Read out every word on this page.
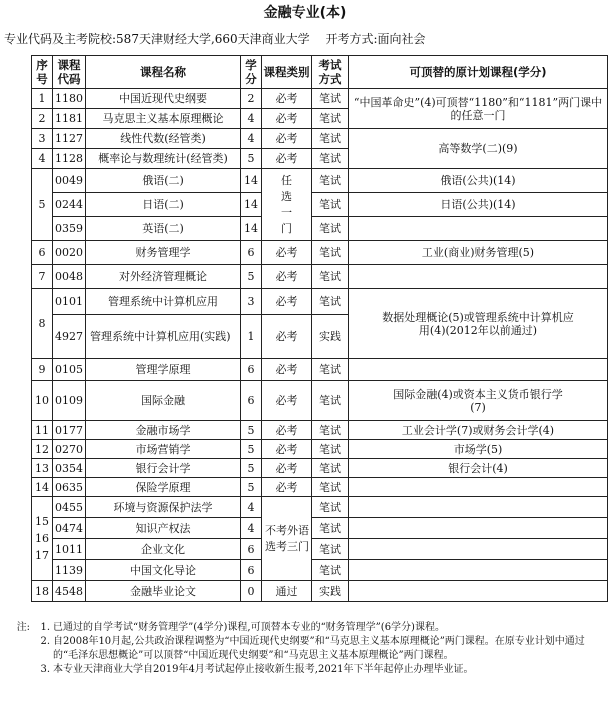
金融专业(本)
专业代码及主考院校:587天津财经大学,660天津商业大学　 开考方式:面向社会
序号	课程代码	课程名称	学分	课程类别	考试方式	可顶替的原计划课程(学分)
1	1180	中国近现代史纲要	2	必考	笔试	“中国革命史”(4)可顶替“1180”和“1181”两门课中的任意一门
2	1181	马克思主义基本原理概论	4	必考	笔试	
3	1127	线性代数(经管类)	4	必考	笔试	高等数学(二)(9)
4	1128	概率论与数理统计(经管类)	5	必考	笔试	
5	0049	俄语(二)	14	任选一门	笔试	俄语(公共)(14)
	0244	日语(二)	14		笔试	日语(公共)(14)
	0359	英语(二)	14		笔试	
6	0020	财务管理学	6	必考	笔试	工业(商业)财务管理(5)
7	0048	对外经济管理概论	5	必考	笔试	
8	0101	管理系统中计算机应用	3	必考	笔试	数据处理概论(5)或管理系统中计算机应用(4)(2012年以前通过)
	4927	管理系统中计算机应用(实践)	1	必考	实践	
9	0105	管理学原理	6	必考	笔试	
10	0109	国际金融	6	必考	笔试	国际金融(4)或资本主义货币银行学(7)
11	0177	金融市场学	5	必考	笔试	工业会计学(7)或财务会计学(4)
12	0270	市场营销学	5	必考	笔试	市场学(5)
13	0354	银行会计学	5	必考	笔试	银行会计(4)
14	0635	保险学原理	5	必考	笔试	

15 16 17	0455	环境与资源保护法学	4	不考外语选考三门	笔试	
	0474	知识产权法	4		笔试	
	1011	企业文化	6		笔试	
	1139	中国文化导论	6		笔试	
18	4548	金融毕业论文	0	通过	实践	
注:	1. 已通过的自学考试“财务管理学”(4学分)课程,可顶替本专业的“财务管理学”(6学分)课程。
2. 自2008年10月起,公共政治课程调整为“中国近现代史纲要”和“马克思主义基本原理概论”两门课程。在原专业计划中通过的“毛泽东思想概论”可以顶替“中国近现代史纲要”和“马克思主义基本原理概论”两门课程。
3. 本专业天津商业大学自2019年4月考试起停止接收新生报考,2021年下半年起停止办理毕业证。
